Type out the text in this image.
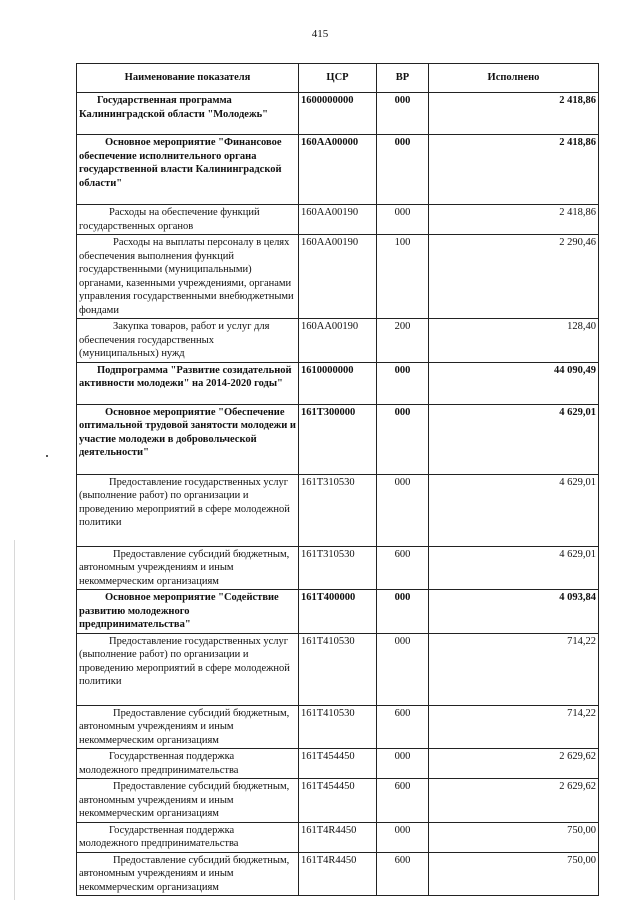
415
Наименование показателя	ЦСР	ВР	Исполнено
Государственная программа Калининградской области "Молодежь"	1600000000	000	2 418,86
Основное мероприятие "Финансовое обеспечение исполнительного органа государственной власти Калининградской области"	160АА00000	000	2 418,86
Расходы на обеспечение функций государственных органов	160АА00190	000	2 418,86
Расходы на выплаты персоналу в целях обеспечения выполнения функций государственными (муниципальными) органами, казенными учреждениями, органами управления государственными внебюджетными фондами	160АА00190	100	2 290,46
Закупка товаров, работ и услуг для обеспечения государственных (муниципальных) нужд	160АА00190	200	128,40
Подпрограмма "Развитие созидательной активности молодежи" на 2014-2020 годы"	1610000000	000	44 090,49
Основное мероприятие "Обеспечение оптимальной трудовой занятости молодежи и участие молодежи в добровольческой деятельности"	161Т300000	000	4 629,01
Предоставление государственных услуг (выполнение работ) по организации и проведению мероприятий в сфере молодежной политики	161Т310530	000	4 629,01
Предоставление субсидий бюджетным, автономным учреждениям и иным некоммерческим организациям	161Т310530	600	4 629,01
Основное мероприятие "Содействие развитию молодежного предпринимательства"	161Т400000	000	4 093,84
Предоставление государственных услуг (выполнение работ) по организации и проведению мероприятий в сфере молодежной политики	161Т410530	000	714,22
Предоставление субсидий бюджетным, автономным учреждениям и иным некоммерческим организациям	161Т410530	600	714,22
Государственная поддержка молодежного предпринимательства	161Т454450	000	2 629,62
Предоставление субсидий бюджетным, автономным учреждениям и иным некоммерческим организациям	161Т454450	600	2 629,62
Государственная поддержка молодежного предпринимательства	161Т4R4450	000	750,00
Предоставление субсидий бюджетным, автономным учреждениям и иным некоммерческим организациям	161Т4R4450	600	750,00
